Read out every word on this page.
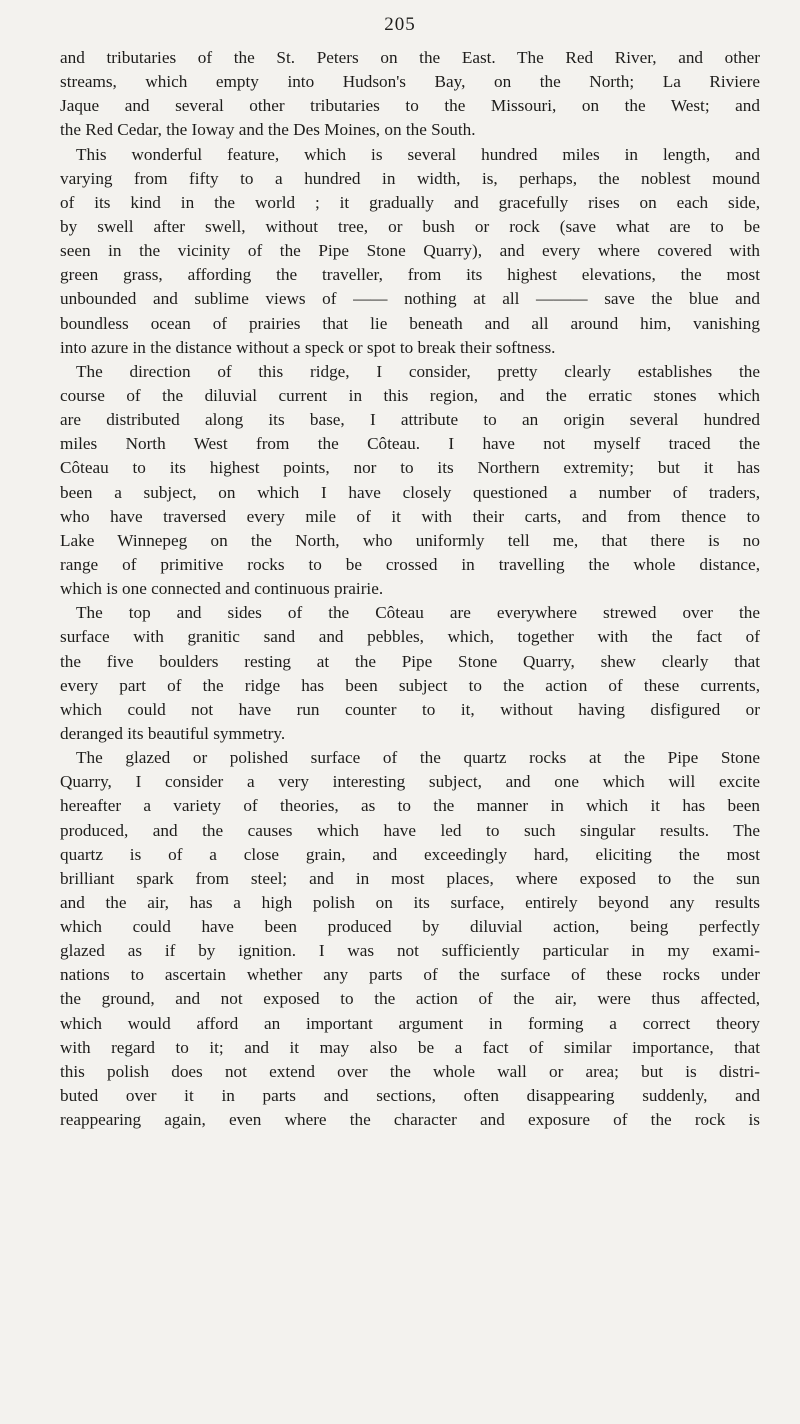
205
and tributaries of the St. Peters on the East. The Red River, and other
streams, which empty into Hudson's Bay, on the North; La Riviere
Jaque and several other tributaries to the Missouri, on the West; and
the Red Cedar, the Ioway and the Des Moines, on the South.
This wonderful feature, which is several hundred miles in length, and
varying from fifty to a hundred in width, is, perhaps, the noblest mound
of its kind in the world ; it gradually and gracefully rises on each side,
by swell after swell, without tree, or bush or rock (save what are to be
seen in the vicinity of the Pipe Stone Quarry), and every where covered with
green grass, affording the traveller, from its highest elevations, the most
unbounded and sublime views of —— nothing at all ——— save the blue and
boundless ocean of prairies that lie beneath and all around him, vanishing
into azure in the distance without a speck or spot to break their softness.
The direction of this ridge, I consider, pretty clearly establishes the
course of the diluvial current in this region, and the erratic stones which
are distributed along its base, I attribute to an origin several hundred
miles North West from the Côteau. I have not myself traced the
Côteau to its highest points, nor to its Northern extremity; but it has
been a subject, on which I have closely questioned a number of traders,
who have traversed every mile of it with their carts, and from thence to
Lake Winnepeg on the North, who uniformly tell me, that there is no
range of primitive rocks to be crossed in travelling the whole distance,
which is one connected and continuous prairie.
The top and sides of the Côteau are everywhere strewed over the
surface with granitic sand and pebbles, which, together with the fact of
the five boulders resting at the Pipe Stone Quarry, shew clearly that
every part of the ridge has been subject to the action of these currents,
which could not have run counter to it, without having disfigured or
deranged its beautiful symmetry.
The glazed or polished surface of the quartz rocks at the Pipe Stone
Quarry, I consider a very interesting subject, and one which will excite
hereafter a variety of theories, as to the manner in which it has been
produced, and the causes which have led to such singular results. The
quartz is of a close grain, and exceedingly hard, eliciting the most
brilliant spark from steel; and in most places, where exposed to the sun
and the air, has a high polish on its surface, entirely beyond any results
which could have been produced by diluvial action, being perfectly
glazed as if by ignition. I was not sufficiently particular in my exami-
nations to ascertain whether any parts of the surface of these rocks under
the ground, and not exposed to the action of the air, were thus affected,
which would afford an important argument in forming a correct theory
with regard to it; and it may also be a fact of similar importance, that
this polish does not extend over the whole wall or area; but is distri-
buted over it in parts and sections, often disappearing suddenly, and
reappearing again, even where the character and exposure of the rock is
